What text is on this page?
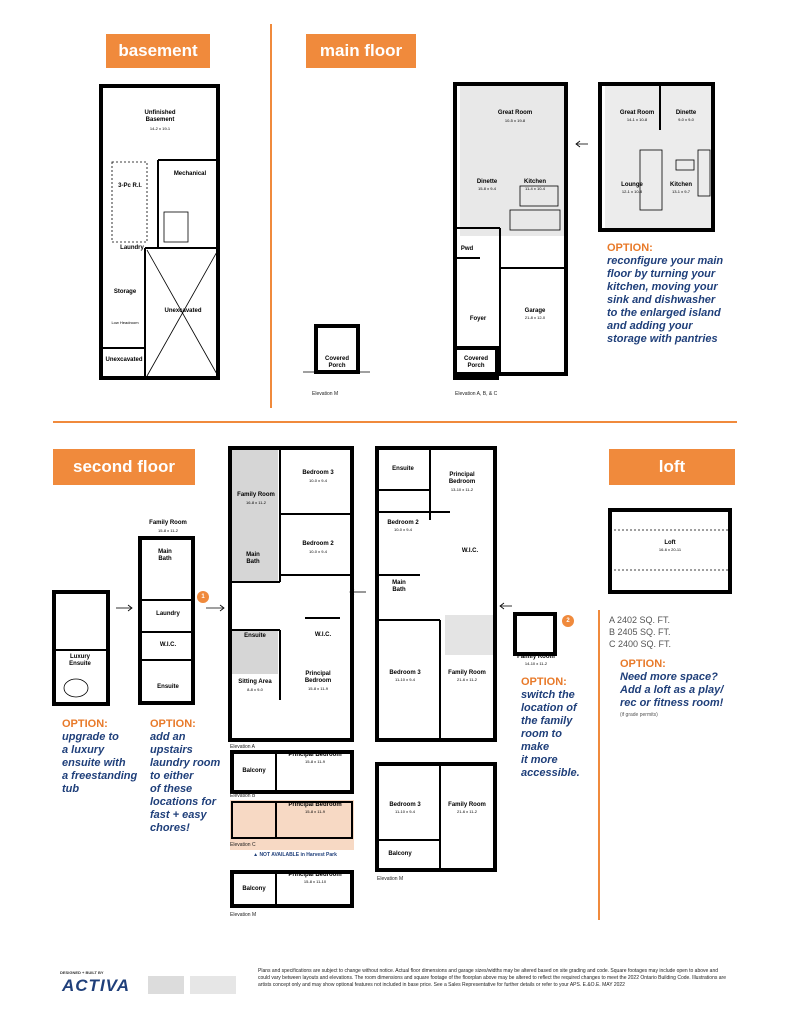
basement	main floor
second floor	loft
Unfinished
Basement
14-2 x 19-1
Mechanical
3-Pc R.I.
Laundry
Storage
Unexcavated
Low Headroom
Unexcavated
Great Room
10-5 x 19-8
Dinette
15-8 x 9-4
Kitchen
11-4 x 10-4
Pwd
Foyer
Garage
21-8 x 12-0
Covered
Porch
Covered
Porch
Elevation A, B, & C
Elevation M
Great Room
14-1 x 10-8
Dinette
9-0 x 9-0
Lounge
12-1 x 10-8
Kitchen
13-1 x 9-7
OPTION:
reconfigure your main
floor by turning your
kitchen, moving your
sink and dishwasher
to the enlarged island
and adding your
storage with pantries
1
2
Luxury
Ensuite
Family Room
15-8 x 11-2
Main
Bath
Laundry
W.I.C.
Ensuite
Family Room
16-8 x 11-2
Bedroom 3
10-0 x 9-4
Bedroom 2
10-0 x 9-4
Main
Bath
Ensuite	W.I.C.
Sitting Area
8-8 x 9-0
Principal
Bedroom
15-8 x 11-9
Elevation A
Balcony
Principal Bedroom
15-8 x 11-9
Elevation B
Principal Bedroom
15-8 x 11-9
Elevation C
▲ NOT AVAILABLE in Harvest Park
Balcony
Principal Bedroom
15-8 x 11-10
Elevation M
Principal
Bedroom
13-10 x 11-2
Ensuite
Bedroom 2
10-0 x 9-4
W.I.C.
Main
Bath
Bedroom 3
11-10 x 9-4
Family Room
21-6 x 11-2
Bedroom 3
11-10 x 9-4
Family Room
21-6 x 11-2
Balcony
Elevation M
Family Room
14-10 x 11-2
OPTION:
upgrade to
a luxury
ensuite with
a freestanding
tub
OPTION:
add an
upstairs
laundry room
to either
of these
locations for
fast + easy
chores!
OPTION:
switch the
location of
the family
room to
make
it more
accessible.
Loft
16-6 x 20-11
A 2402 SQ. FT.
B 2405 SQ. FT.
C 2400 SQ. FT.
OPTION:
Need more space?
Add a loft as a play/
rec or fitness room!
(if grade permits)
DESIGNED + BUILT BY
ACTIVA
Plans and specifications are subject to change without notice. Actual floor dimensions and garage sizes/widths may be altered based on site grading and code. Square footages may include open to above and could vary between layouts and elevations. The room dimensions and square footage of the floorplan above may be altered to reflect the required changes to meet the 2022 Ontario Building Code. Illustrations are artists concept only and may show optional features not included in base price. See a Sales Representative for further details or refer to your APS. E.&O.E. MAY 2022
